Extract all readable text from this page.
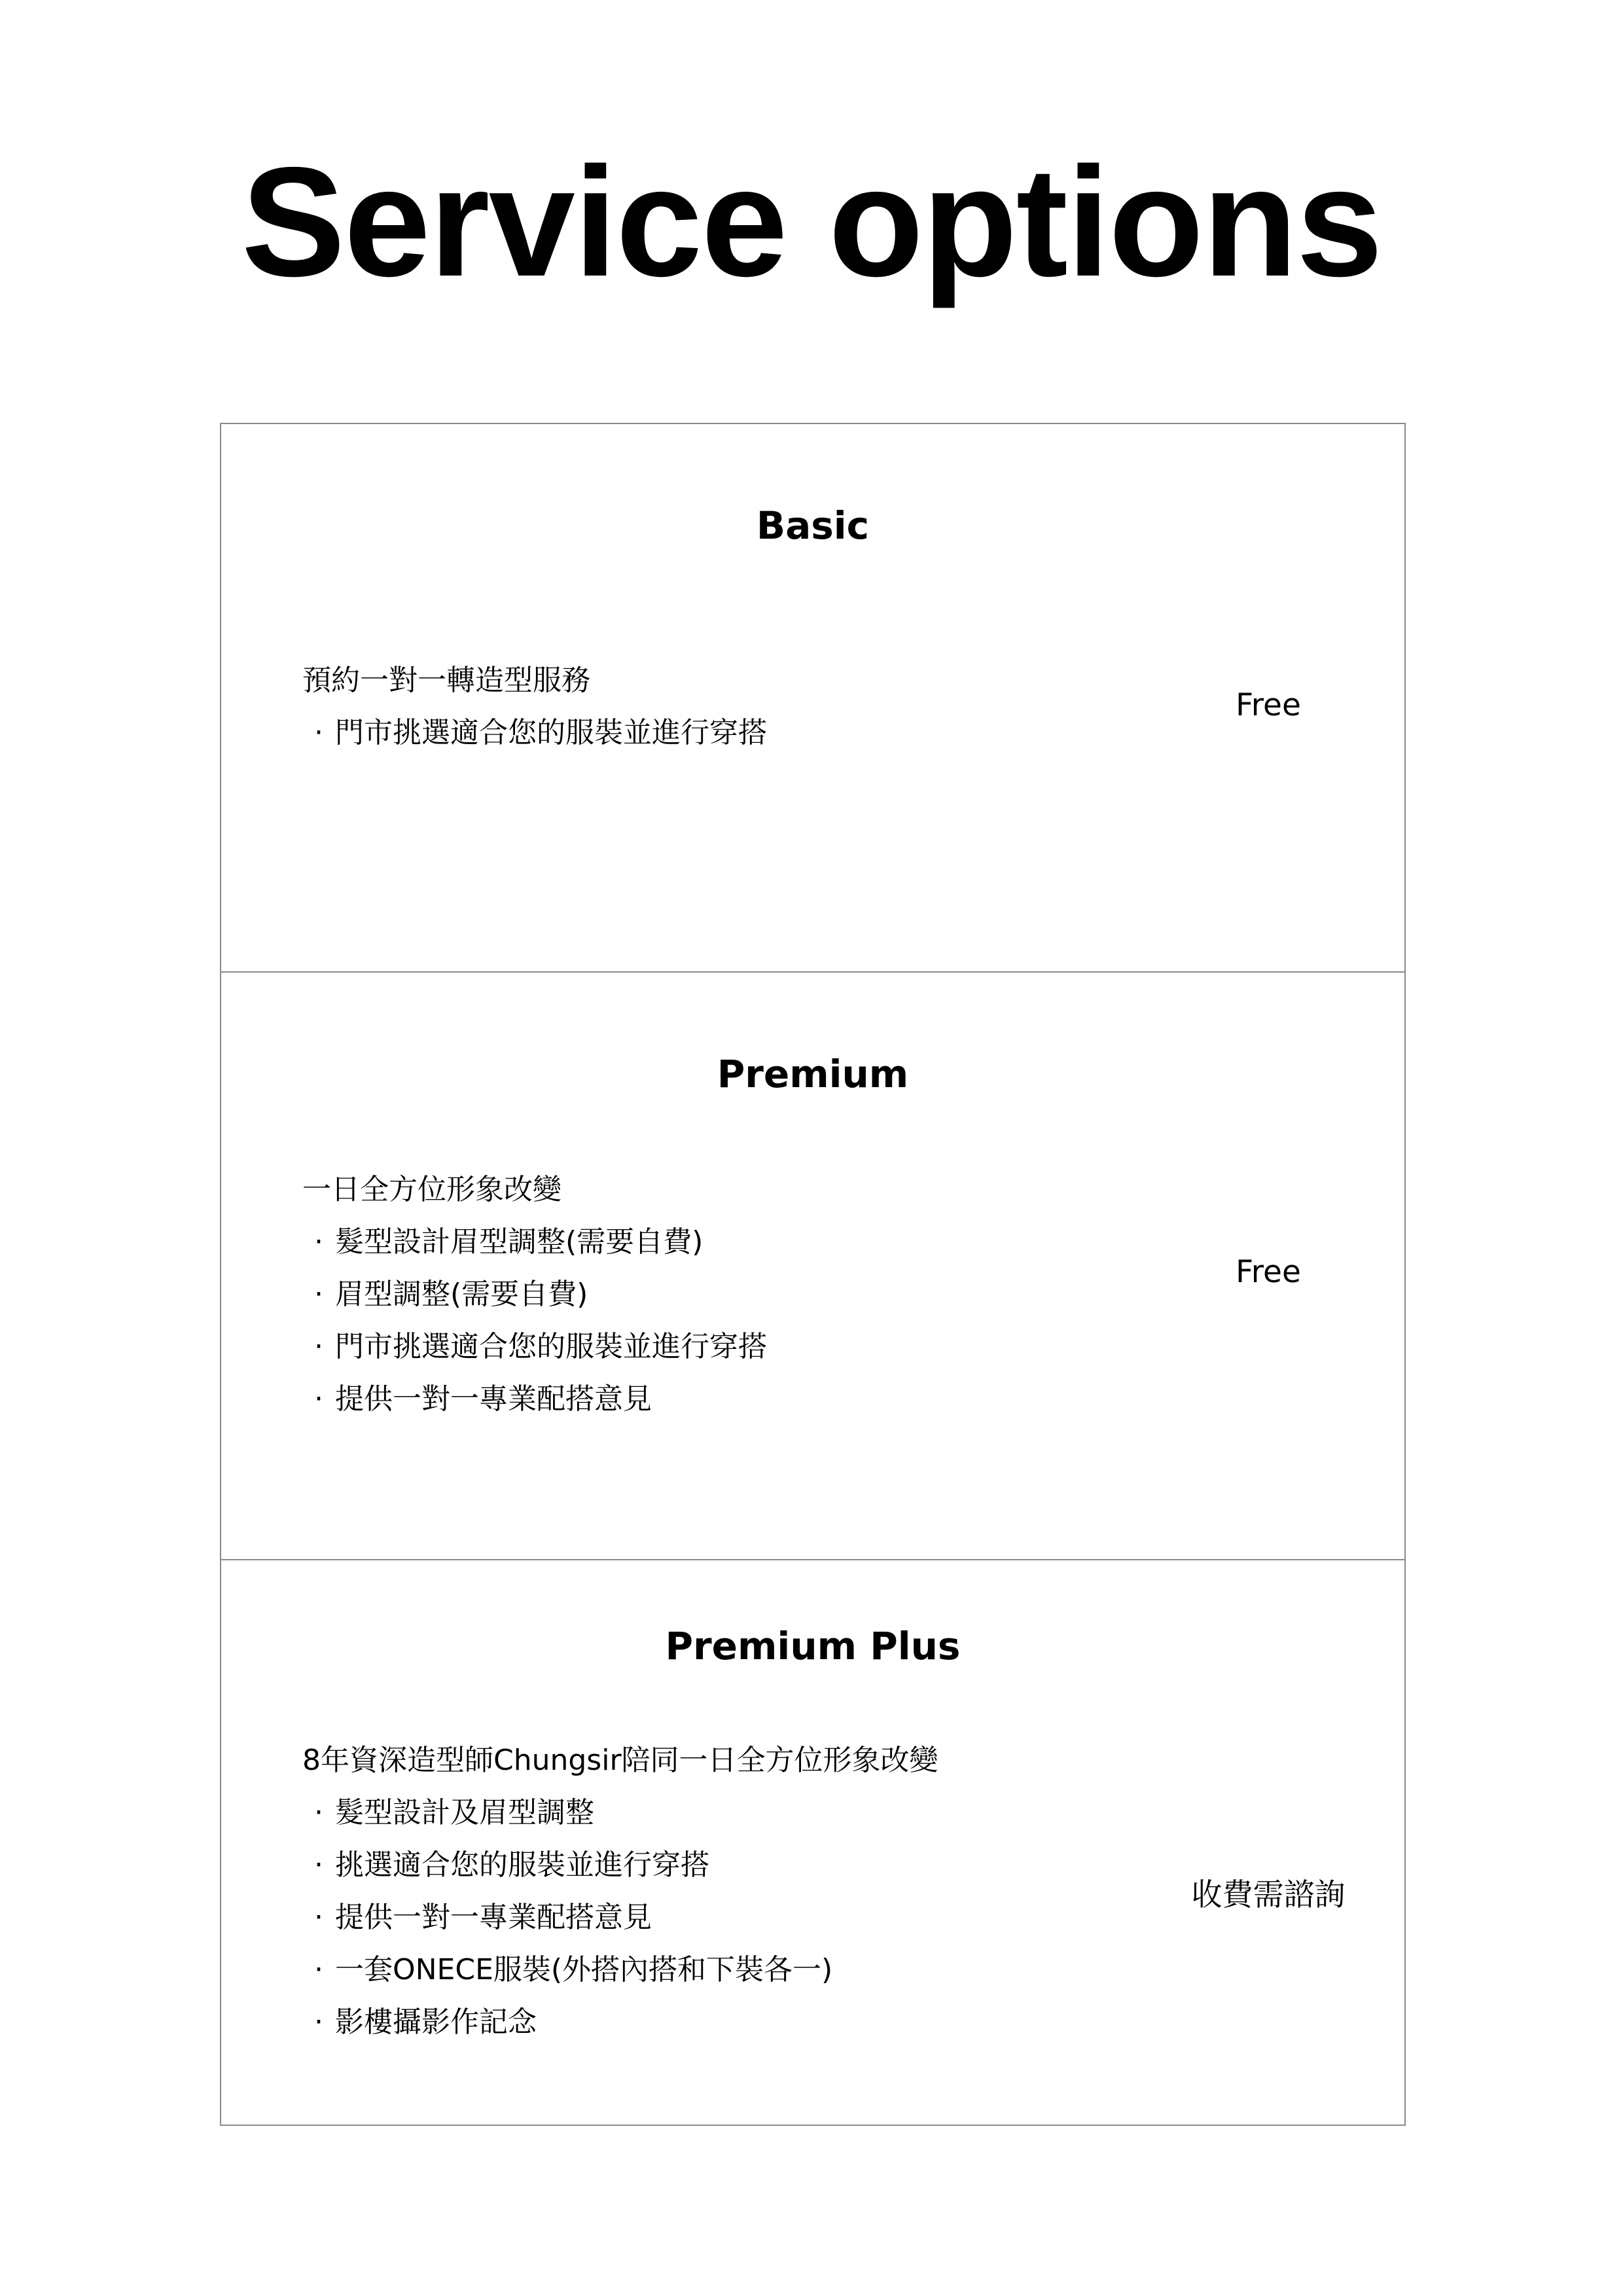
Service options
Basic
預約一對一轉造型服務
· 門市挑選適合您的服裝並進行穿搭
Free
Premium
一日全方位形象改變
· 髮型設計眉型調整(需要自費)
· 眉型調整(需要自費)
· 門市挑選適合您的服裝並進行穿搭
· 提供一對一專業配搭意見
Free
Premium Plus
8年資深造型師Chungsir陪同一日全方位形象改變
· 髮型設計及眉型調整
· 挑選適合您的服裝並進行穿搭
· 提供一對一專業配搭意見
· 一套ONECE服裝(外搭內搭和下裝各一)
· 影樓攝影作記念
收費需諮詢
